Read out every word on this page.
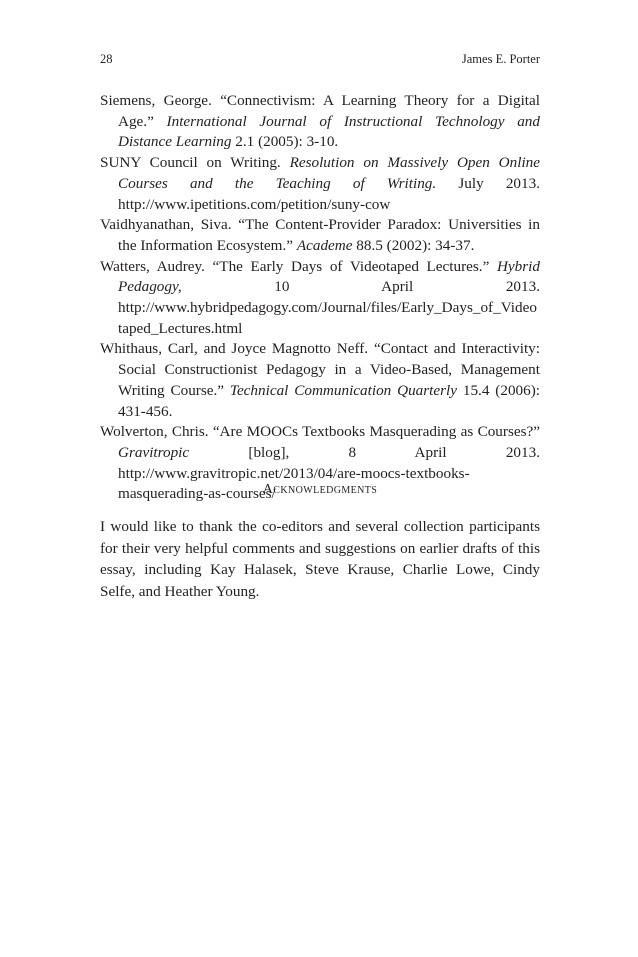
28	James E. Porter
Siemens, George. “Connectivism: A Learning Theory for a Digital Age.” International Journal of Instructional Technology and Distance Learning 2.1 (2005): 3-10.
SUNY Council on Writing. Resolution on Massively Open Online Courses and the Teaching of Writing. July 2013. http://www.ipetitions.com/petition/suny-cow
Vaidhyanathan, Siva. “The Content-Provider Paradox: Universities in the Information Ecosystem.” Academe 88.5 (2002): 34-37.
Watters, Audrey. “The Early Days of Videotaped Lectures.” Hybrid Pedagogy, 10 April 2013. http://www.hybridpedagogy.com/Journal/files/Early_Days_of_Videotaped_Lectures.html
Whithaus, Carl, and Joyce Magnotto Neff. “Contact and Interactivity: Social Constructionist Pedagogy in a Video-Based, Management Writing Course.” Technical Communication Quarterly 15.4 (2006): 431-456.
Wolverton, Chris. “Are MOOCs Textbooks Masquerading as Courses?” Gravitropic [blog], 8 April 2013. http://www.gravitropic.net/2013/04/are-moocs-textbooks-masquerading-as-courses/
Acknowledgments

I would like to thank the co-editors and several collection participants for their very helpful comments and suggestions on earlier drafts of this essay, including Kay Halasek, Steve Krause, Charlie Lowe, Cindy Selfe, and Heather Young.
